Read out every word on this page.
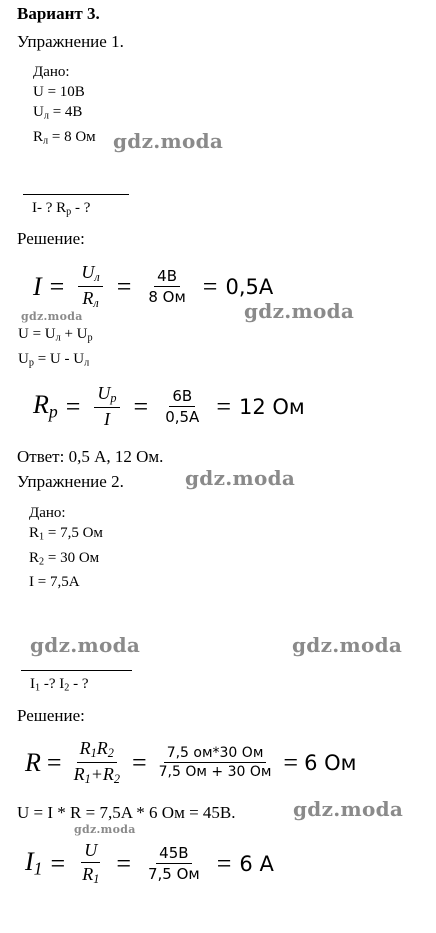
Вариант 3.
Упражнение 1.
Дано:
U = 10B
$U_л = 4B$
$R_л = 8$ Ом gdz.moda
I- ? $R_p$ - ?
Решение:
$I = \frac{U_л}{R_л} = \frac{4B}{8 Ом} = 0,5A$
gdz.moda	gdz.moda
$U = U_л + U_р$
$U_р = U - U_л$
$R_p = \frac{U_p}{I} = \frac{6B}{0,5A} = 12$ Ом
Ответ: 0,5 А, 12 Ом.
Упражнение 2.	gdz.moda
Дано:
$R_1 = 7,5$ Ом
$R_2 = 30$ Ом
I = 7,5A
gdz.moda	gdz.moda
$I_1$ -? $I_2$ - ?
Решение:
$R = \frac{R_1R_2}{R_1+R_2} = \frac{7,5 ом*30 Ом}{7,5 Ом + 30 Ом} = 6$ Ом
U = I * R = 7,5A * 6 Ом = 45B.	gdz.moda
gdz.moda
$I_1 = \frac{U}{R_1} = \frac{45B}{7,5 Ом} = 6$ A
